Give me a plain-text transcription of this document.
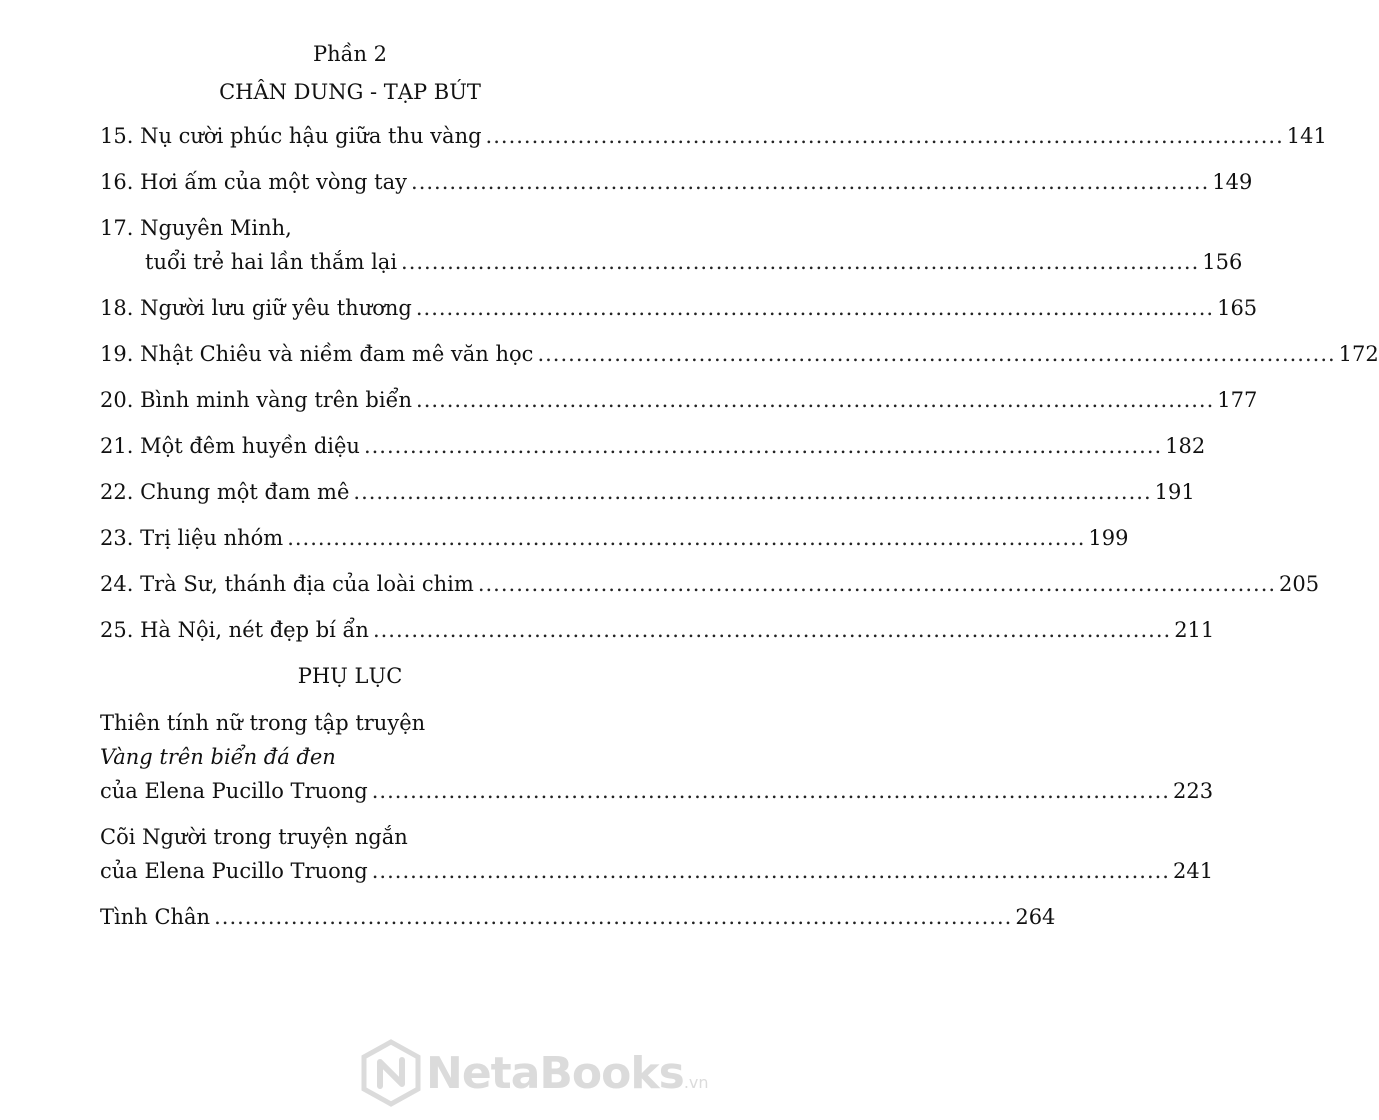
Phần 2
CHÂN DUNG - TẠP BÚT
15. Nụ cười phúc hậu giữa thu vàng ........................................................................................................ 141
16. Hơi ấm của một vòng tay ........................................................................................................ 149
17. Nguyên Minh,
tuổi trẻ hai lần thắm lại ........................................................................................................ 156
18. Người lưu giữ yêu thương ........................................................................................................ 165
19. Nhật Chiêu và niềm đam mê văn học ........................................................................................................ 172
20. Bình minh vàng trên biển ........................................................................................................ 177
21. Một đêm huyền diệu ........................................................................................................ 182
22. Chung một đam mê ........................................................................................................ 191
23. Trị liệu nhóm ........................................................................................................ 199
24. Trà Sư, thánh địa của loài chim ........................................................................................................ 205
25. Hà Nội, nét đẹp bí ẩn ........................................................................................................ 211
PHỤ LỤC
Thiên tính nữ trong tập truyện
Vàng trên biển đá đen
của Elena Pucillo Truong ........................................................................................................ 223
Cõi Người trong truyện ngắn
của Elena Pucillo Truong ........................................................................................................ 241
Tình Chân ........................................................................................................ 264
NetaBooks .vn
